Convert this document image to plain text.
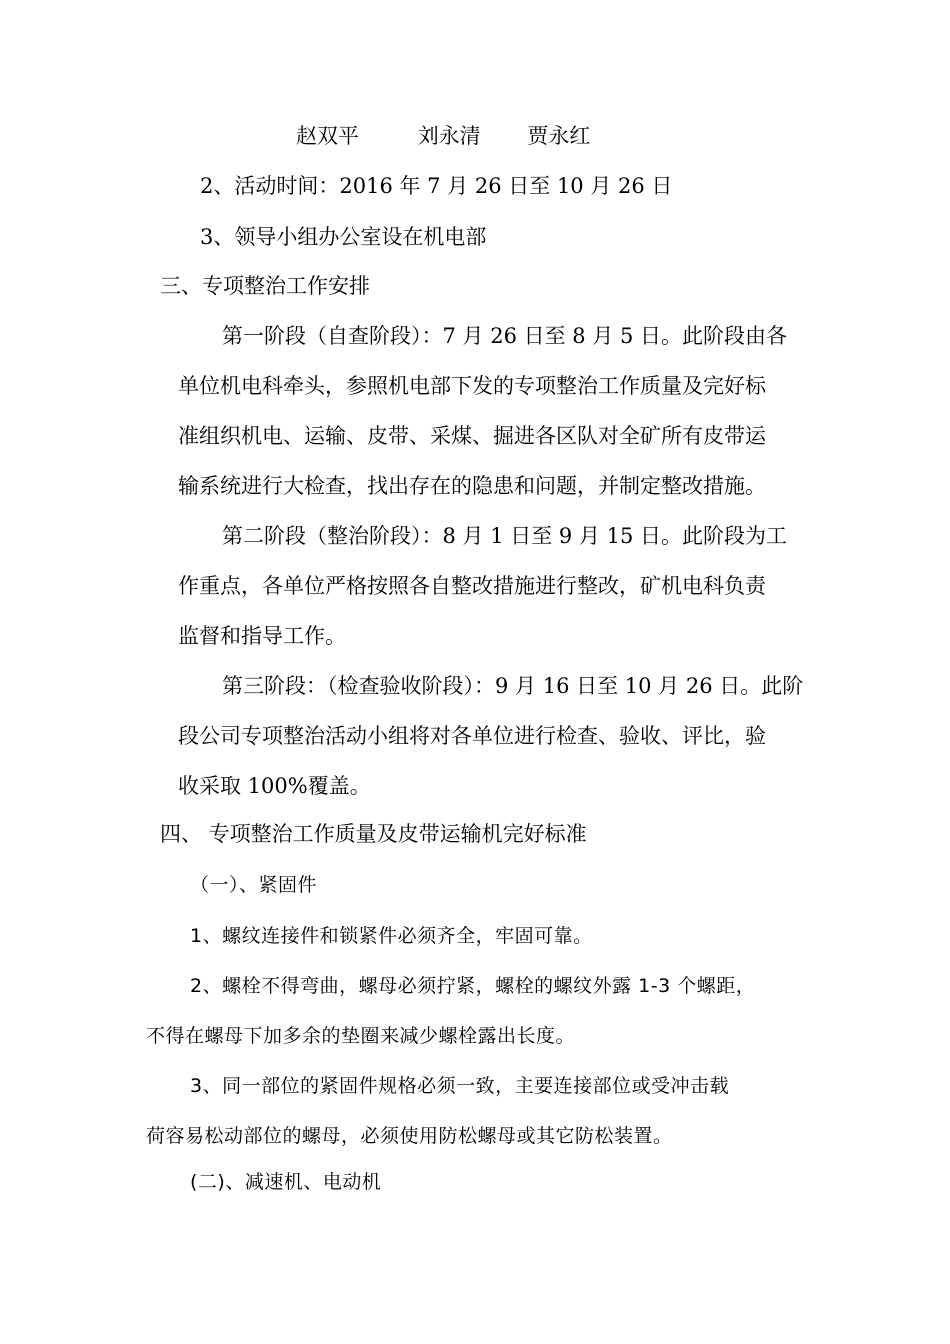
赵双平	刘永清 贾永红
2、活动时间：2016 年 7 月 26 日至 10 月 26 日
3、领导小组办公室设在机电部
三、专项整治工作安排
第一阶段（自查阶段）：7 月 26 日至 8 月 5 日。此阶段由各
单位机电科牵头，参照机电部下发的专项整治工作质量及完好标
准组织机电、运输、皮带、采煤、掘进各区队对全矿所有皮带运
输系统进行大检查，找出存在的隐患和问题，并制定整改措施。
第二阶段（整治阶段）：8 月 1 日至 9 月 15 日。此阶段为工
作重点，各单位严格按照各自整改措施进行整改，矿机电科负责
监督和指导工作。
第三阶段：（检查验收阶段）：9 月 16 日至 10 月 26 日。此阶
段公司专项整治活动小组将对各单位进行检查、验收、评比，验
收采取 100%覆盖。
四、 专项整治工作质量及皮带运输机完好标准
（一）、紧固件
1、螺纹连接件和锁紧件必须齐全，牢固可靠。
2、螺栓不得弯曲，螺母必须拧紧，螺栓的螺纹外露 1-3 个螺距，
不得在螺母下加多余的垫圈来减少螺栓露出长度。
3、同一部位的紧固件规格必须一致，主要连接部位或受冲击载
荷容易松动部位的螺母，必须使用防松螺母或其它防松装置。
(二)、减速机、电动机
